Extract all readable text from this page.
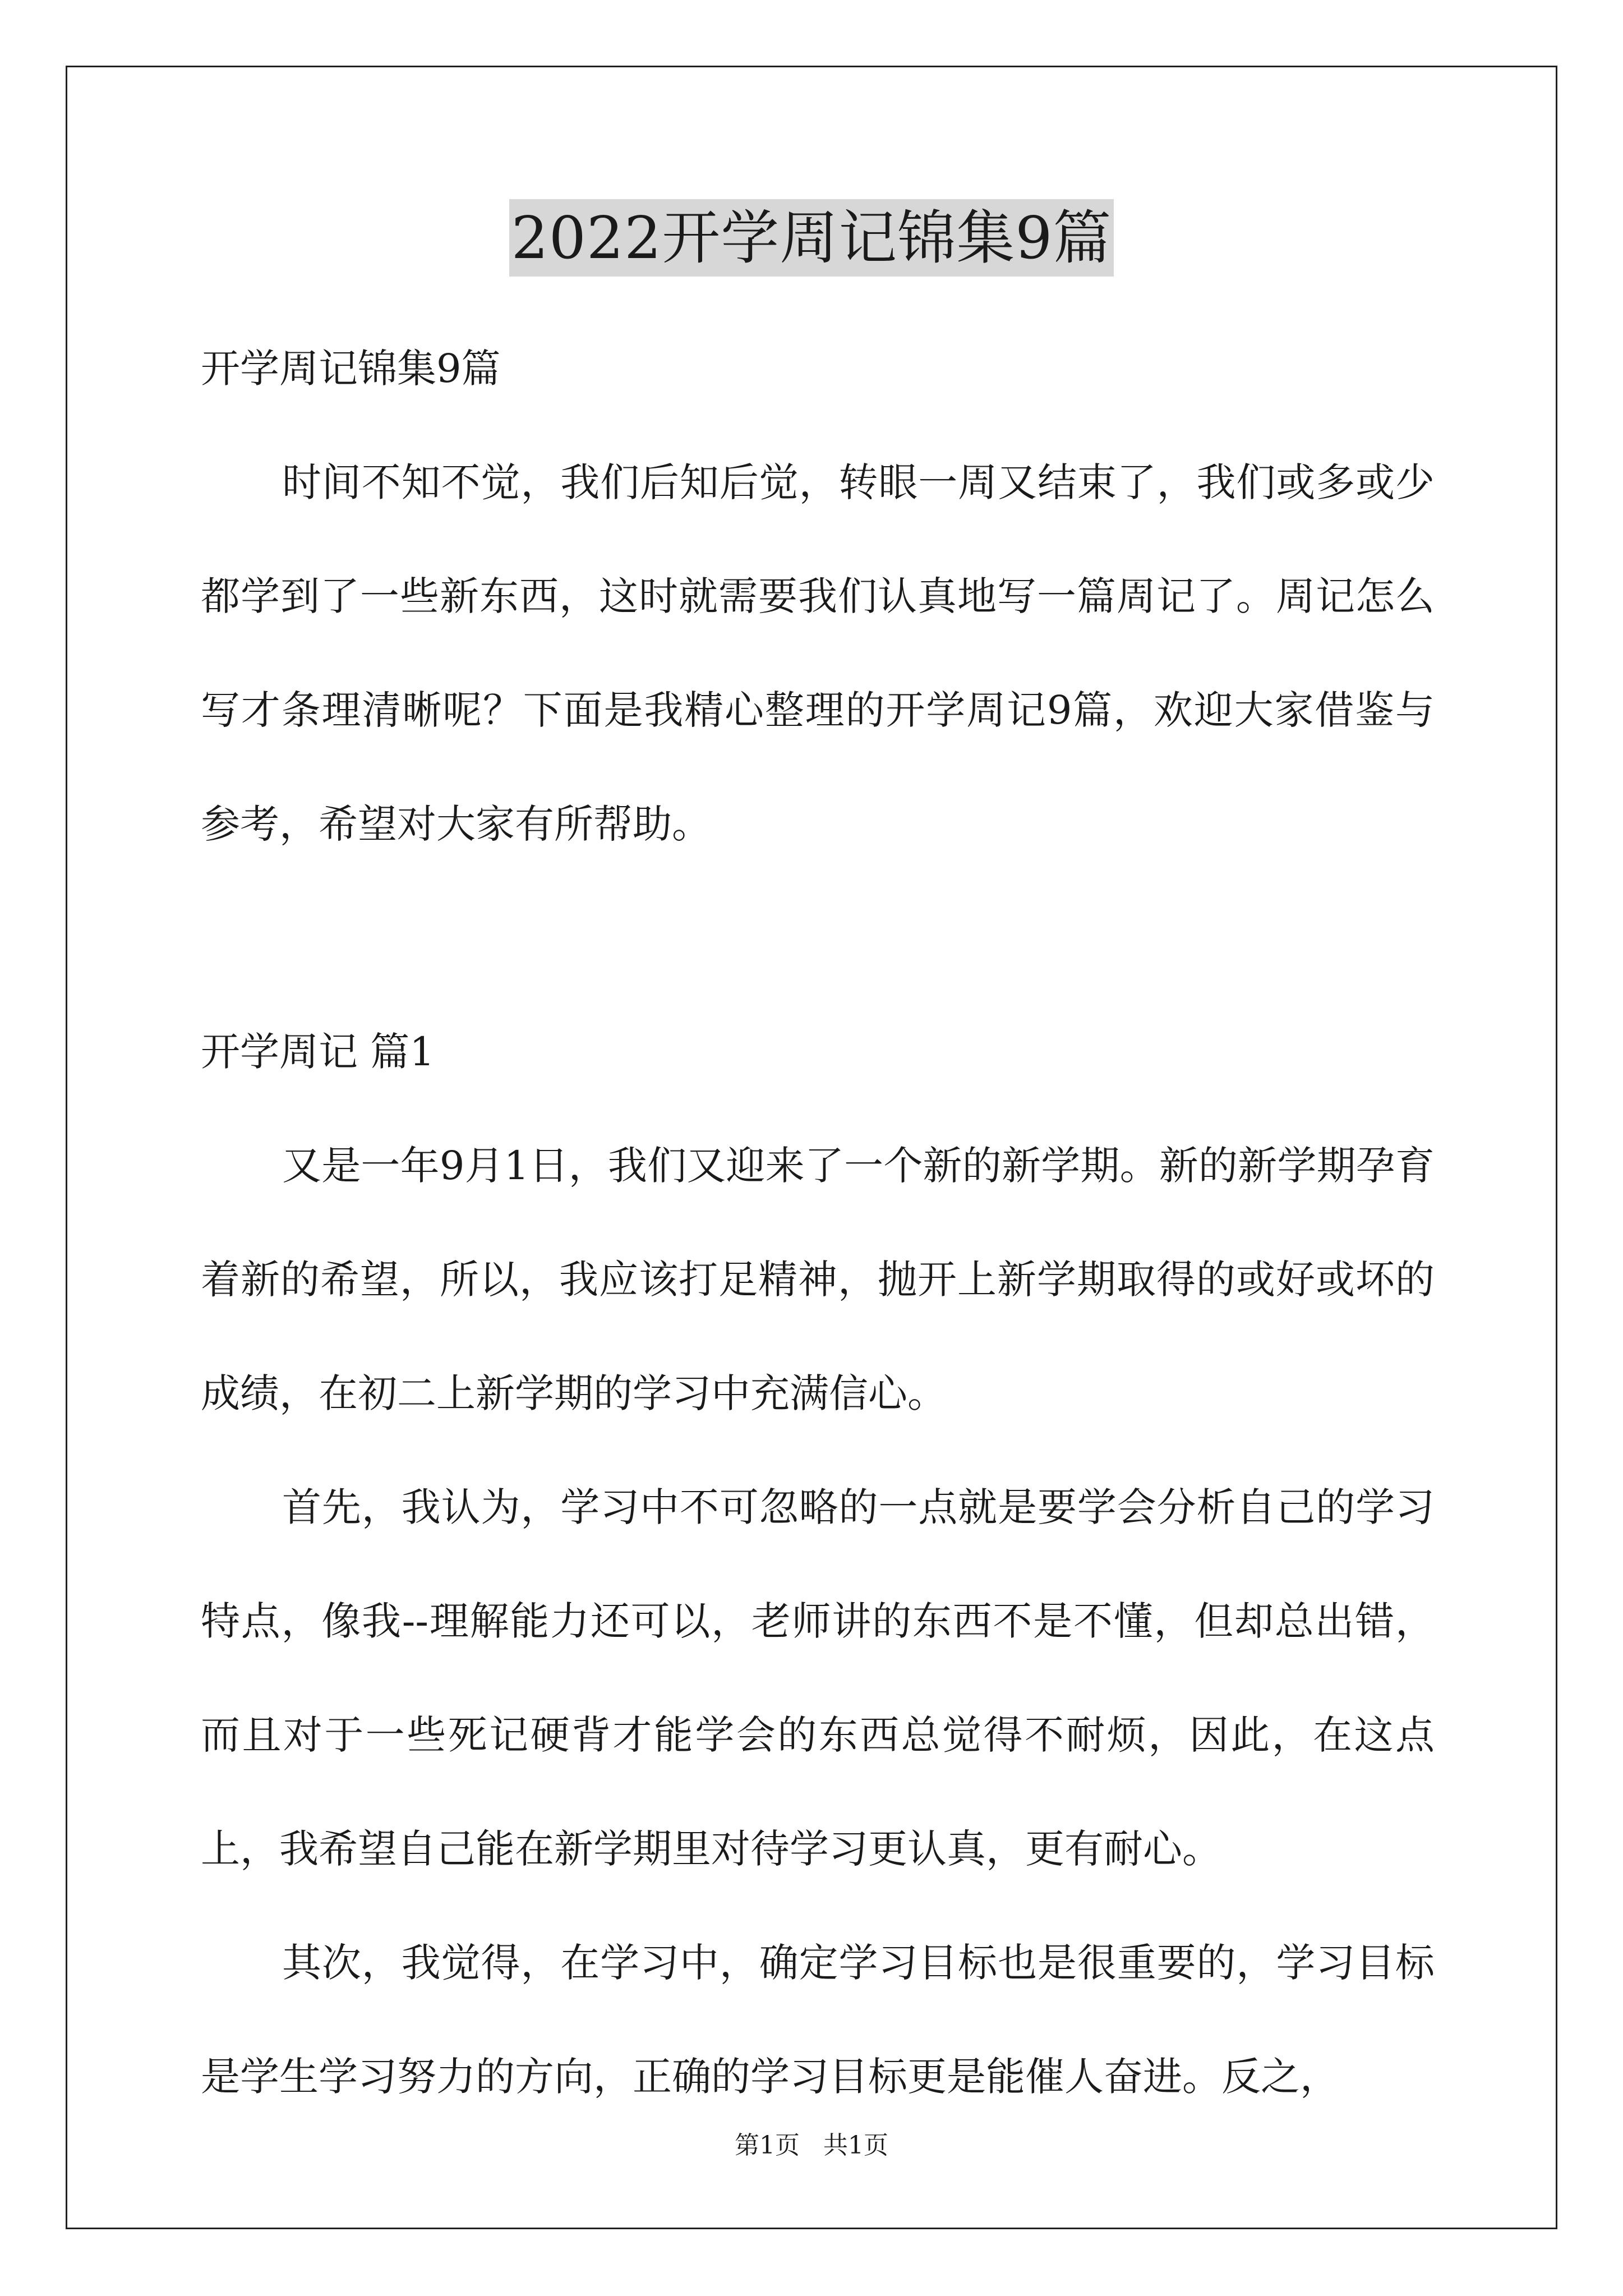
2022开学周记锦集9篇

开学周记锦集9篇

时间不知不觉，我们后知后觉，转眼一周又结束了，我们或多或少都学到了一些新东西，这时就需要我们认真地写一篇周记了。周记怎么写才条理清晰呢？下面是我精心整理的开学周记9篇，欢迎大家借鉴与参考，希望对大家有所帮助。

开学周记 篇1

又是一年9月1日，我们又迎来了一个新的新学期。新的新学期孕育着新的希望，所以，我应该打足精神，抛开上新学期取得的或好或坏的成绩，在初二上新学期的学习中充满信心。

首先，我认为，学习中不可忽略的一点就是要学会分析自己的学习特点，像我--理解能力还可以，老师讲的东西不是不懂，但却总出错，而且对于一些死记硬背才能学会的东西总觉得不耐烦，因此，在这点上，我希望自己能在新学期里对待学习更认真，更有耐心。

其次，我觉得，在学习中，确定学习目标也是很重要的，学习目标是学生学习努力的方向，正确的学习目标更是能催人奋进。反之，

第1页 共1页
